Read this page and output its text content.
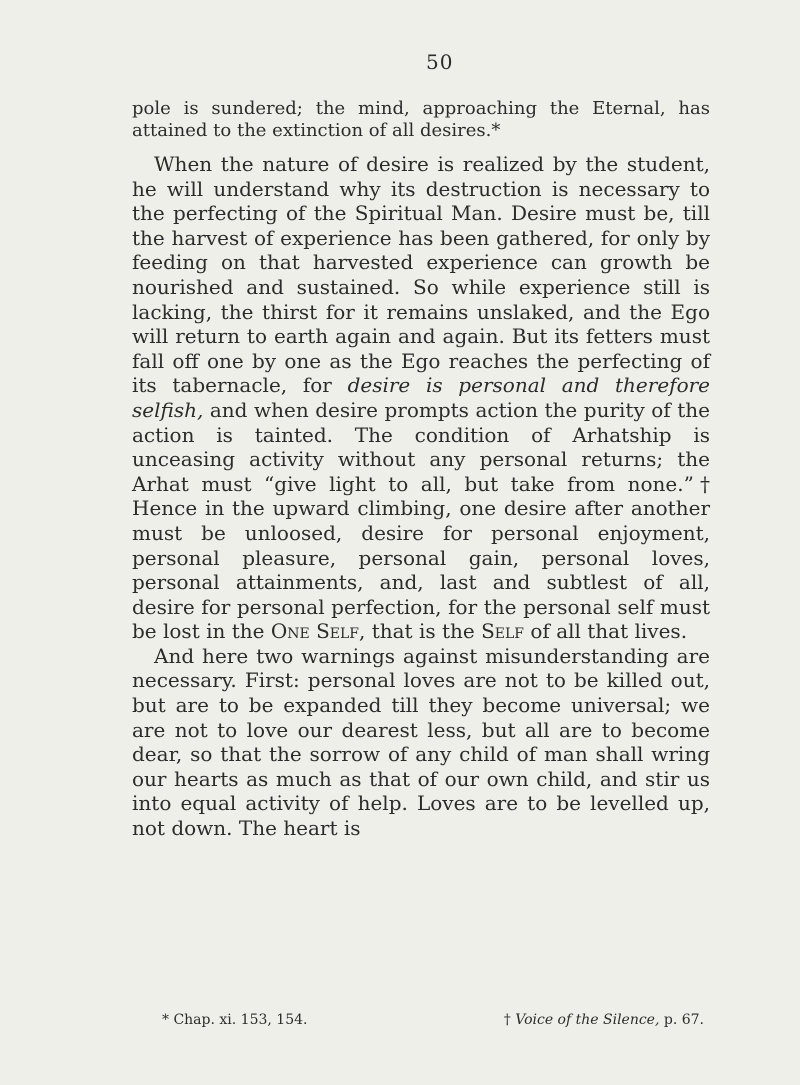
50

pole is sundered; the mind, approaching the Eternal, has attained to the extinction of all desires.*

When the nature of desire is realized by the student, he will understand why its destruction is necessary to the perfecting of the Spiritual Man. Desire must be, till the harvest of experience has been gathered, for only by feeding on that harvested experience can growth be nourished and sustained. So while experience still is lacking, the thirst for it remains unslaked, and the Ego will return to earth again and again. But its fetters must fall off one by one as the Ego reaches the perfecting of its tabernacle, for desire is personal and therefore selfish, and when desire prompts action the purity of the action is tainted. The condition of Arhatship is unceasing activity without any personal returns; the Arhat must “give light to all, but take from none.”† Hence in the upward climbing, one desire after another must be unloosed, desire for personal enjoyment, personal pleasure, personal gain, personal loves, personal attainments, and, last and subtlest of all, desire for personal perfection, for the personal self must be lost in the One Self, that is the Self of all that lives.

And here two warnings against misunderstanding are necessary. First: personal loves are not to be killed out, but are to be expanded till they become universal; we are not to love our dearest less, but all are to become dear, so that the sorrow of any child of man shall wring our hearts as much as that of our own child, and stir us into equal activity of help. Loves are to be levelled up, not down. The heart is

* Chap. xi. 153, 154.	† Voice of the Silence, p. 67.
